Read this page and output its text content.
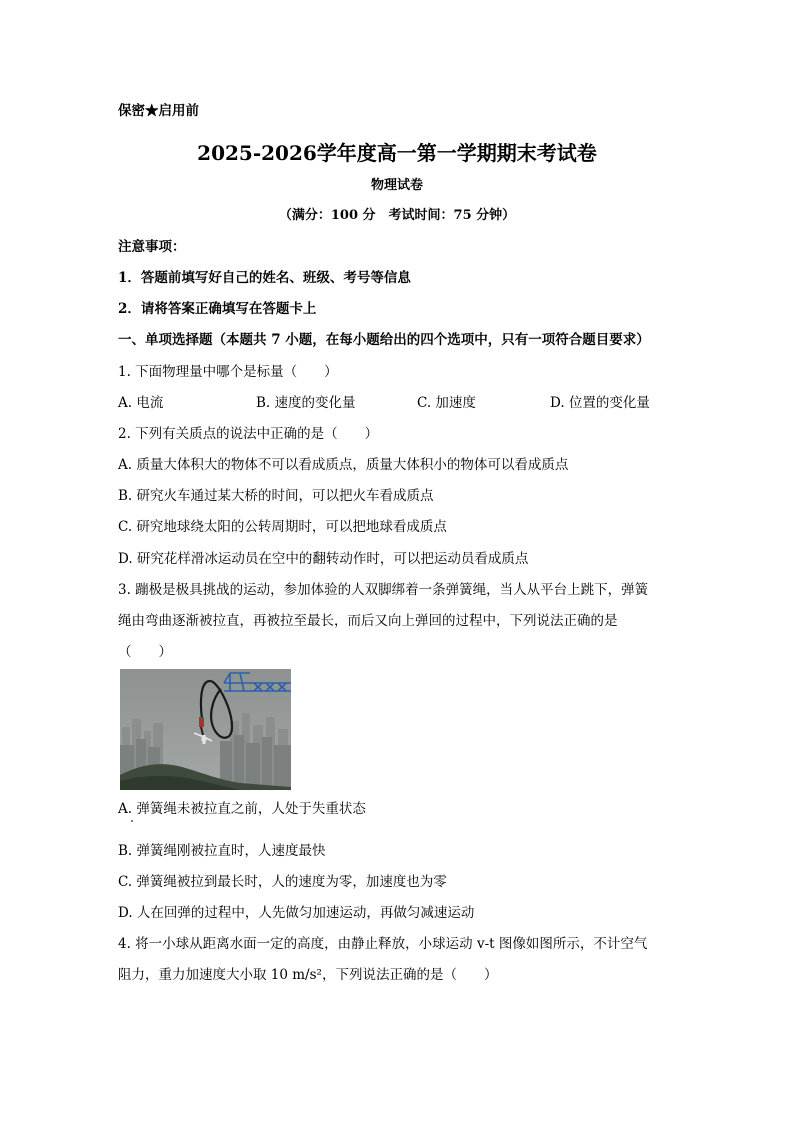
保密★启用前
2025-2026学年度高一第一学期期末考试卷
物理试卷
（满分：100 分　考试时间：75 分钟）
注意事项：
1．答题前填写好自己的姓名、班级、考号等信息
2．请将答案正确填写在答题卡上
一、单项选择题（本题共 7 小题，在每小题给出的四个选项中，只有一项符合题目要求）
1. 下面物理量中哪个是标量（　　）
A. 电流	B. 速度的变化量	C. 加速度	D. 位置的变化量
2. 下列有关质点的说法中正确的是（　　）
A. 质量大体积大的物体不可以看成质点，质量大体积小的物体可以看成质点
B. 研究火车通过某大桥的时间，可以把火车看成质点
C. 研究地球绕太阳的公转周期时，可以把地球看成质点
D. 研究花样滑冰运动员在空中的翻转动作时，可以把运动员看成质点
3. 蹦极是极具挑战的运动，参加体验的人双脚绑着一条弹簧绳，当人从平台上跳下，弹簧
绳由弯曲逐渐被拉直，再被拉至最长，而后又向上弹回的过程中，下列说法正确的是
（　　）
A. 弹簧绳未被拉直之前，人处于失重状态
B. 弹簧绳刚被拉直时，人速度最快
C. 弹簧绳被拉到最长时，人的速度为零，加速度也为零
D. 人在回弹的过程中，人先做匀加速运动，再做匀减速运动
4. 将一小球从距离水面一定的高度，由静止释放，小球运动 v-t 图像如图所示，不计空气
阻力，重力加速度大小取 10 m/s²，下列说法正确的是（　　）
